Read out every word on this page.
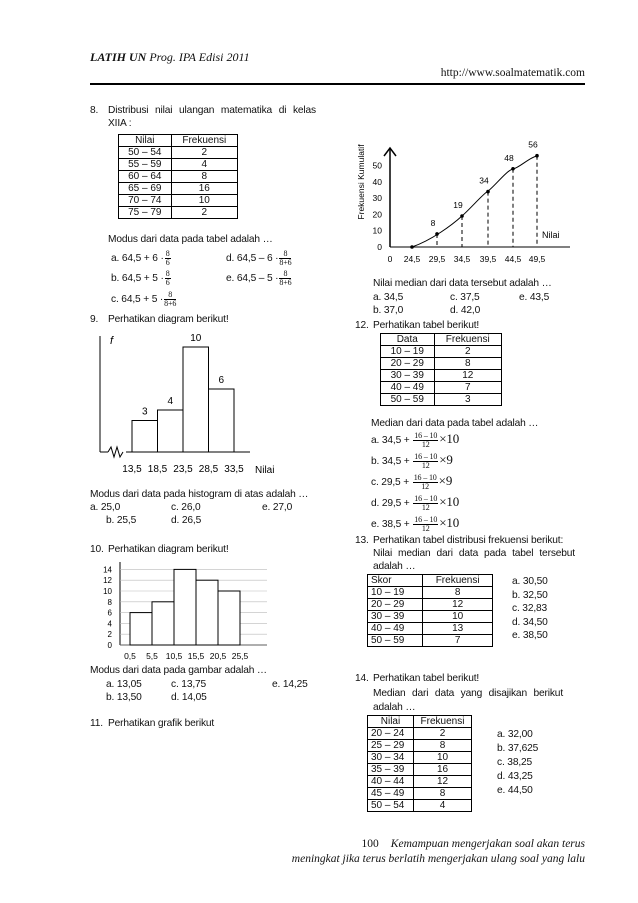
LATIH UN Prog. IPA Edisi 2011
http://www.soalmatematik.com
8. Distribusi nilai ulangan matematika di kelas
XIIA :
Nilai	Frekuensi
50 – 54	2
55 – 59	4
60 – 64	8
65 – 69	16
70 – 74	10
75 – 79	2
Modus dari data pada tabel adalah …
a. $64,5 + 6 \cdot \frac{8}{6}$
b. $64,5 + 5 \cdot \frac{8}{6}$
c. $64,5 + 5 \cdot \frac{8}{8+6}$
d. $64,5 - 6 \cdot \frac{8}{8+6}$
e. $64,5 - 5 \cdot \frac{8}{8+6}$
9. Perhatikan diagram berikut!
f
Nilai
3
4
10
6
13,5 18,5 23,5 28,5 33,5
Modus dari data pada histogram di atas adalah …
a. 25,0	c. 26,0	e. 27,0
b. 25,5	d. 26,5
10. Perhatikan diagram berikut!
0
2
4
6
8
10
12
14
0,5 5,5 10,5 15,5 20,5 25,5
Modus dari data pada gambar adalah …
a. 13,05	c. 13,75	e. 14,25
b. 13,50	d. 14,05
11. Perhatikan grafik berikut
Frekuensi Kumulatif
Nilai
0
10
20
30
40
50
0 24,5 29,5 34,5 39,5 44,5 49,5
8
19
34
48
56
Nilai median dari data tersebut adalah …
a. 34,5	c. 37,5	e. 43,5
b. 37,0	d. 42,0
12. Perhatikan tabel berikut!
Data	Frekuensi
10 – 19	2
20 – 29	8
30 – 39	12
40 – 49	7
50 – 59	3
Median dari data pada tabel adalah …
a. $34,5 + \frac{16 - 10}{12} \times 10$
b. $34,5 + \frac{16 - 10}{12} \times 9$
c. $29,5 + \frac{16 - 10}{12} \times 9$
d. $29,5 + \frac{16 - 10}{12} \times 10$
e. $38,5 + \frac{16 - 10}{12} \times 10$
13. Perhatikan tabel distribusi frekuensi berikut:
Nilai median dari data pada tabel tersebut
adalah …
Skor	Frekuensi
10 – 19	8
20 – 29	12
30 – 39	10
40 – 49	13
50 – 59	7
a. 30,50
b. 32,50
c. 32,83
d. 34,50
e. 38,50
14. Perhatikan tabel berikut!
Median dari data yang disajikan berikut
adalah …
Nilai	Frekuensi
20 – 24	2
25 – 29	8
30 – 34	10
35 – 39	16
40 – 44	12
45 – 49	8
50 – 54	4
a. 32,00
b. 37,625
c. 38,25
d. 43,25
e. 44,50
100 Kemampuan mengerjakan soal akan terus
meningkat jika terus berlatih mengerjakan ulang soal yang lalu
